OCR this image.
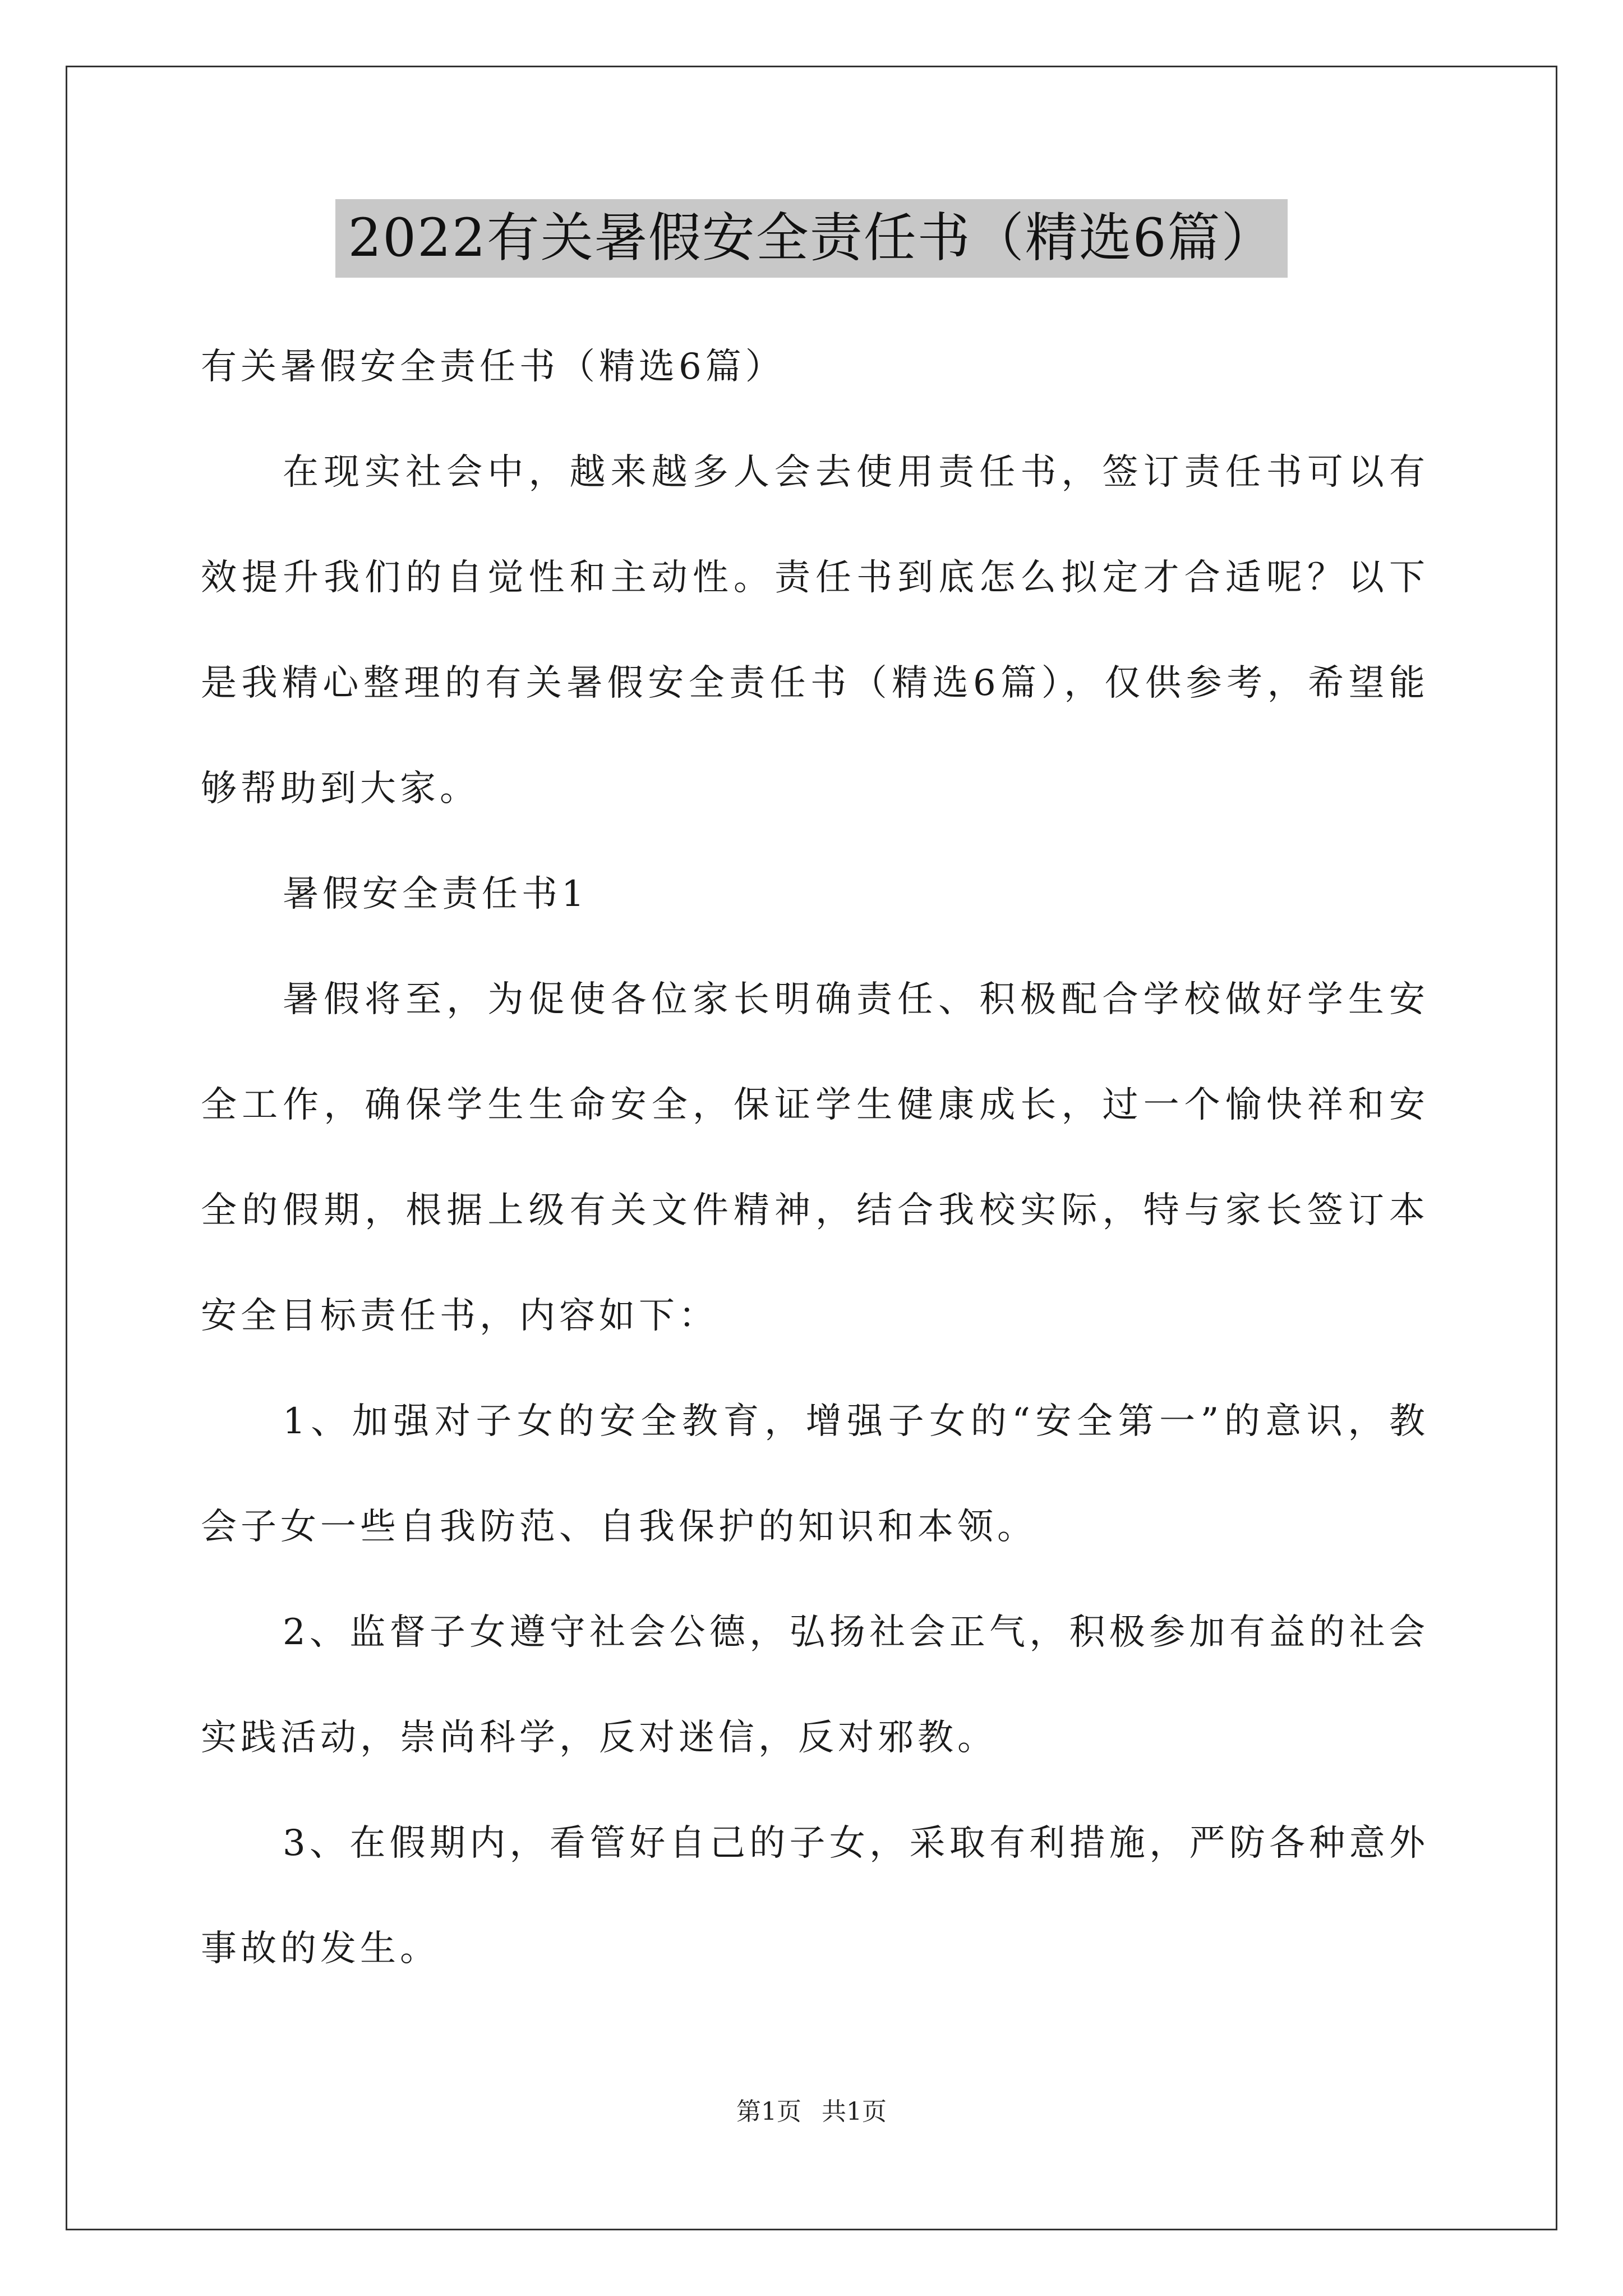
2022有关暑假安全责任书（精选6篇）

有关暑假安全责任书（精选6篇）

在现实社会中，越来越多人会去使用责任书，签订责任书可以有效提升我们的自觉性和主动性。责任书到底怎么拟定才合适呢？以下是我精心整理的有关暑假安全责任书（精选6篇），仅供参考，希望能够帮助到大家。

暑假安全责任书1

暑假将至，为促使各位家长明确责任、积极配合学校做好学生安全工作，确保学生生命安全，保证学生健康成长，过一个愉快祥和安全的假期，根据上级有关文件精神，结合我校实际，特与家长签订本安全目标责任书，内容如下：

1、加强对子女的安全教育，增强子女的“安全第一”的意识，教会子女一些自我防范、自我保护的知识和本领。

2、监督子女遵守社会公德，弘扬社会正气，积极参加有益的社会实践活动，崇尚科学，反对迷信，反对邪教。

3、在假期内，看管好自己的子女，采取有利措施，严防各种意外事故的发生。

第1页 共1页
